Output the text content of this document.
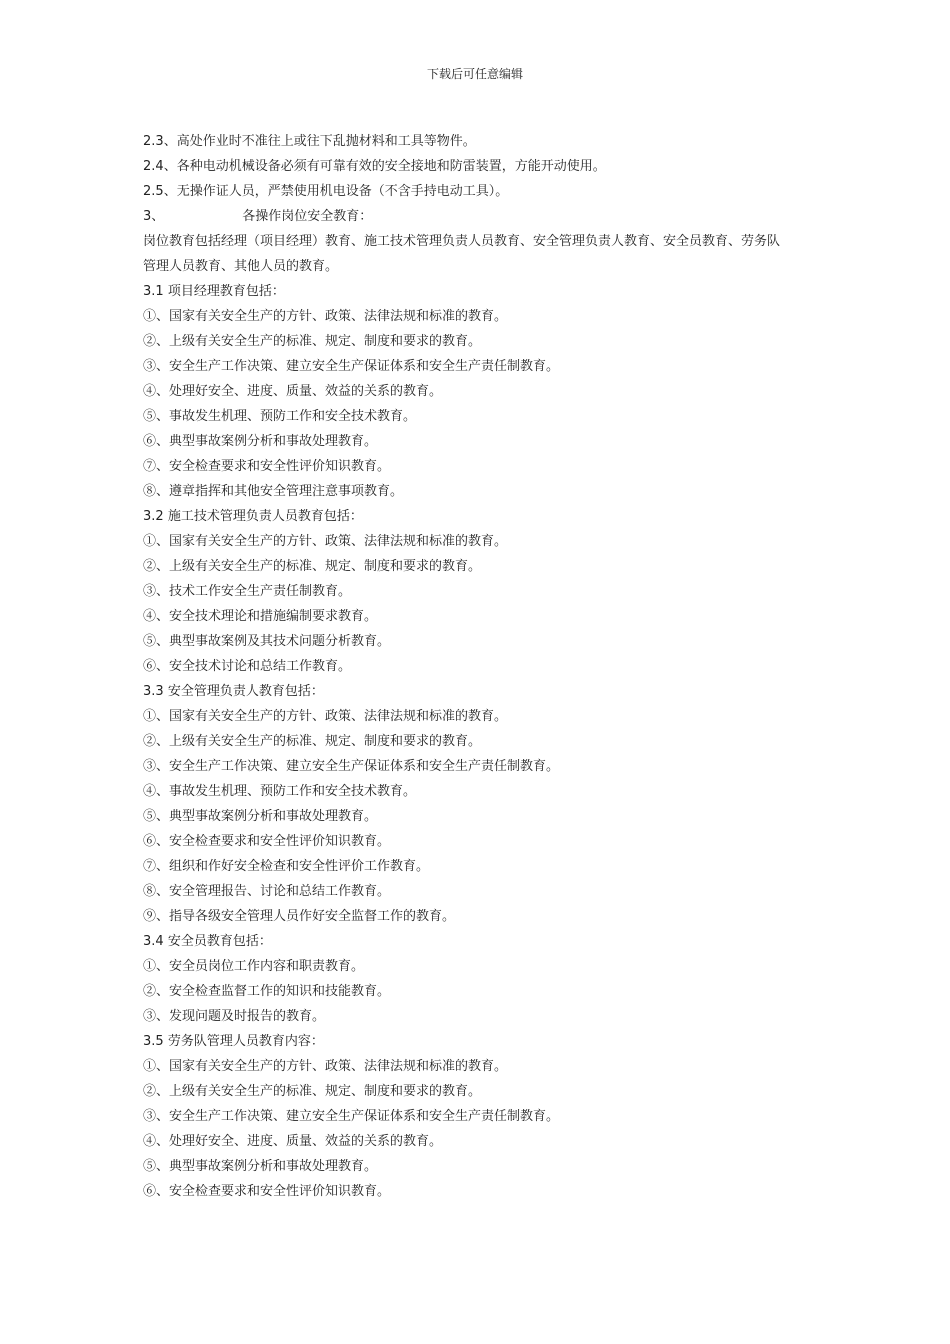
下载后可任意编辑
2.3、高处作业时不准往上或往下乱抛材料和工具等物件。
2.4、各种电动机械设备必须有可靠有效的安全接地和防雷装置，方能开动使用。
2.5、无操作证人员，严禁使用机电设备（不含手持电动工具）。
3、	各操作岗位安全教育：
岗位教育包括经理（项目经理）教育、施工技术管理负责人员教育、安全管理负责人教育、安全员教育、劳务队管理人员教育、其他人员的教育。
3.1 项目经理教育包括：
①、国家有关安全生产的方针、政策、法律法规和标准的教育。
②、上级有关安全生产的标准、规定、制度和要求的教育。
③、安全生产工作决策、建立安全生产保证体系和安全生产责任制教育。
④、处理好安全、进度、质量、效益的关系的教育。
⑤、事故发生机理、预防工作和安全技术教育。
⑥、典型事故案例分析和事故处理教育。
⑦、安全检查要求和安全性评价知识教育。
⑧、遵章指挥和其他安全管理注意事项教育。
3.2 施工技术管理负责人员教育包括：
①、国家有关安全生产的方针、政策、法律法规和标准的教育。
②、上级有关安全生产的标准、规定、制度和要求的教育。
③、技术工作安全生产责任制教育。
④、安全技术理论和措施编制要求教育。
⑤、典型事故案例及其技术问题分析教育。
⑥、安全技术讨论和总结工作教育。
3.3 安全管理负责人教育包括：
①、国家有关安全生产的方针、政策、法律法规和标准的教育。
②、上级有关安全生产的标准、规定、制度和要求的教育。
③、安全生产工作决策、建立安全生产保证体系和安全生产责任制教育。
④、事故发生机理、预防工作和安全技术教育。
⑤、典型事故案例分析和事故处理教育。
⑥、安全检查要求和安全性评价知识教育。
⑦、组织和作好安全检查和安全性评价工作教育。
⑧、安全管理报告、讨论和总结工作教育。
⑨、指导各级安全管理人员作好安全监督工作的教育。
3.4 安全员教育包括：
①、安全员岗位工作内容和职责教育。
②、安全检查监督工作的知识和技能教育。
③、发现问题及时报告的教育。
3.5 劳务队管理人员教育内容：
①、国家有关安全生产的方针、政策、法律法规和标准的教育。
②、上级有关安全生产的标准、规定、制度和要求的教育。
③、安全生产工作决策、建立安全生产保证体系和安全生产责任制教育。
④、处理好安全、进度、质量、效益的关系的教育。
⑤、典型事故案例分析和事故处理教育。
⑥、安全检查要求和安全性评价知识教育。
